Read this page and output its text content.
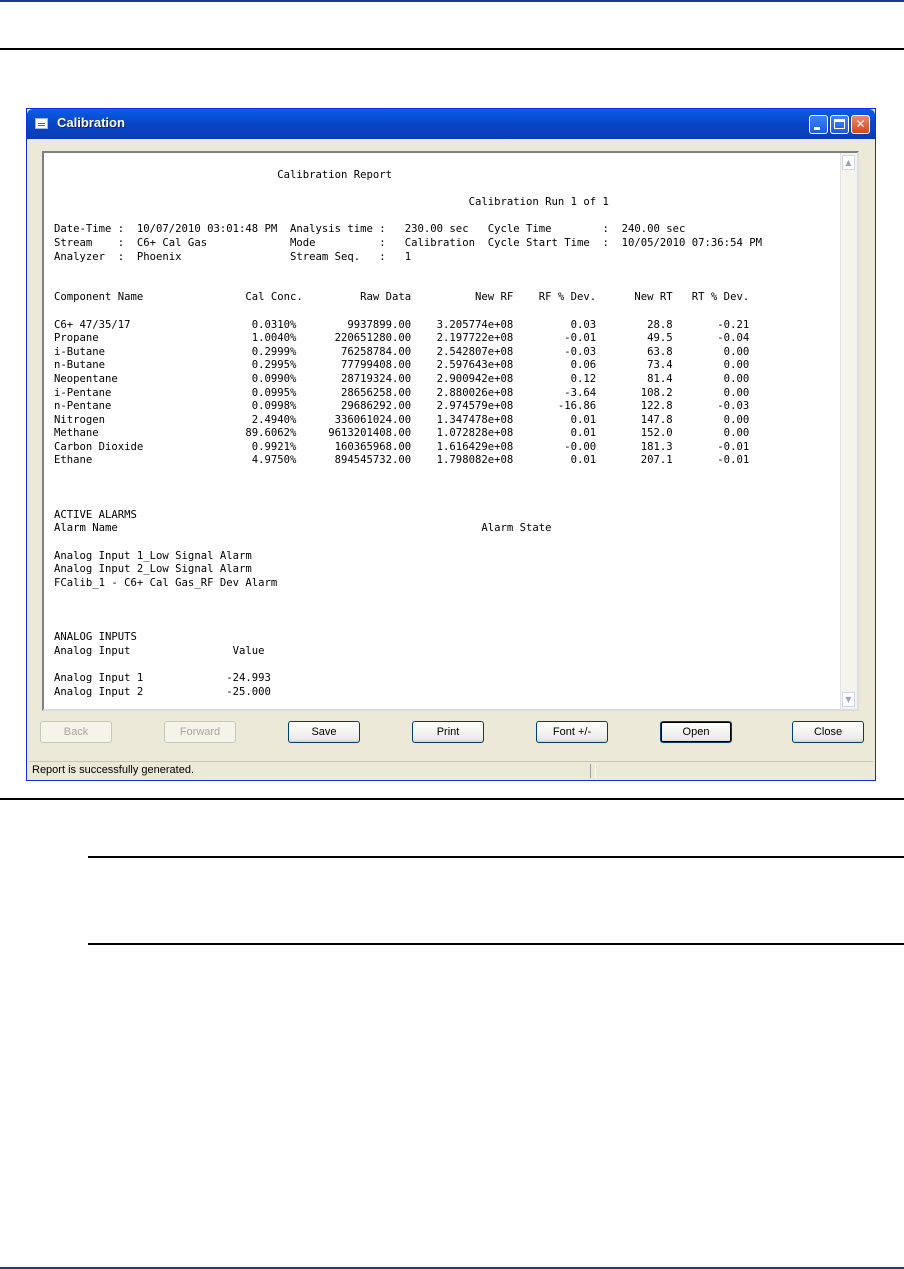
Calibration	✕
Calibration Report
Calibration Run 1 of 1
Date-Time :  10/07/2010 03:01:48 PM  Analysis time :   230.00 sec   Cycle Time        :  240.00 sec
Stream    :  C6+ Cal Gas             Mode          :   Calibration  Cycle Start Time  :  10/05/2010 07:36:54 PM
Analyzer  :  Phoenix                 Stream Seq.   :   1
Component Name                Cal Conc.         Raw Data          New RF    RF % Dev.      New RT   RT % Dev.
C6+ 47/35/17                   0.0310%        9937899.00    3.205774e+08         0.03        28.8       -0.21
Propane                        1.0040%      220651280.00    2.197722e+08        -0.01        49.5       -0.04
i-Butane                       0.2999%       76258784.00    2.542807e+08        -0.03        63.8        0.00
n-Butane                       0.2995%       77799408.00    2.597643e+08         0.06        73.4        0.00
Neopentane                     0.0990%       28719324.00    2.900942e+08         0.12        81.4        0.00
i-Pentane                      0.0995%       28656258.00    2.880026e+08        -3.64       108.2        0.00
n-Pentane                      0.0998%       29686292.00    2.974579e+08       -16.86       122.8       -0.03
Nitrogen                       2.4940%      336061024.00    1.347478e+08         0.01       147.8        0.00
Methane                       89.6062%     9613201408.00    1.072828e+08         0.01       152.0        0.00
Carbon Dioxide                 0.9921%      160365968.00    1.616429e+08        -0.00       181.3       -0.01
Ethane                         4.9750%      894545732.00    1.798082e+08         0.01       207.1       -0.01
ACTIVE ALARMS
Alarm Name                                                         Alarm State
Analog Input 1_Low Signal Alarm
Analog Input 2_Low Signal Alarm
FCalib_1 - C6+ Cal Gas_RF Dev Alarm
ANALOG INPUTS
Analog Input                Value
Analog Input 1             -24.993
Analog Input 2             -25.000
▲
▼
Back	Forward	Save	Print	Font +/-	Open	Close
Report is successfully generated.
